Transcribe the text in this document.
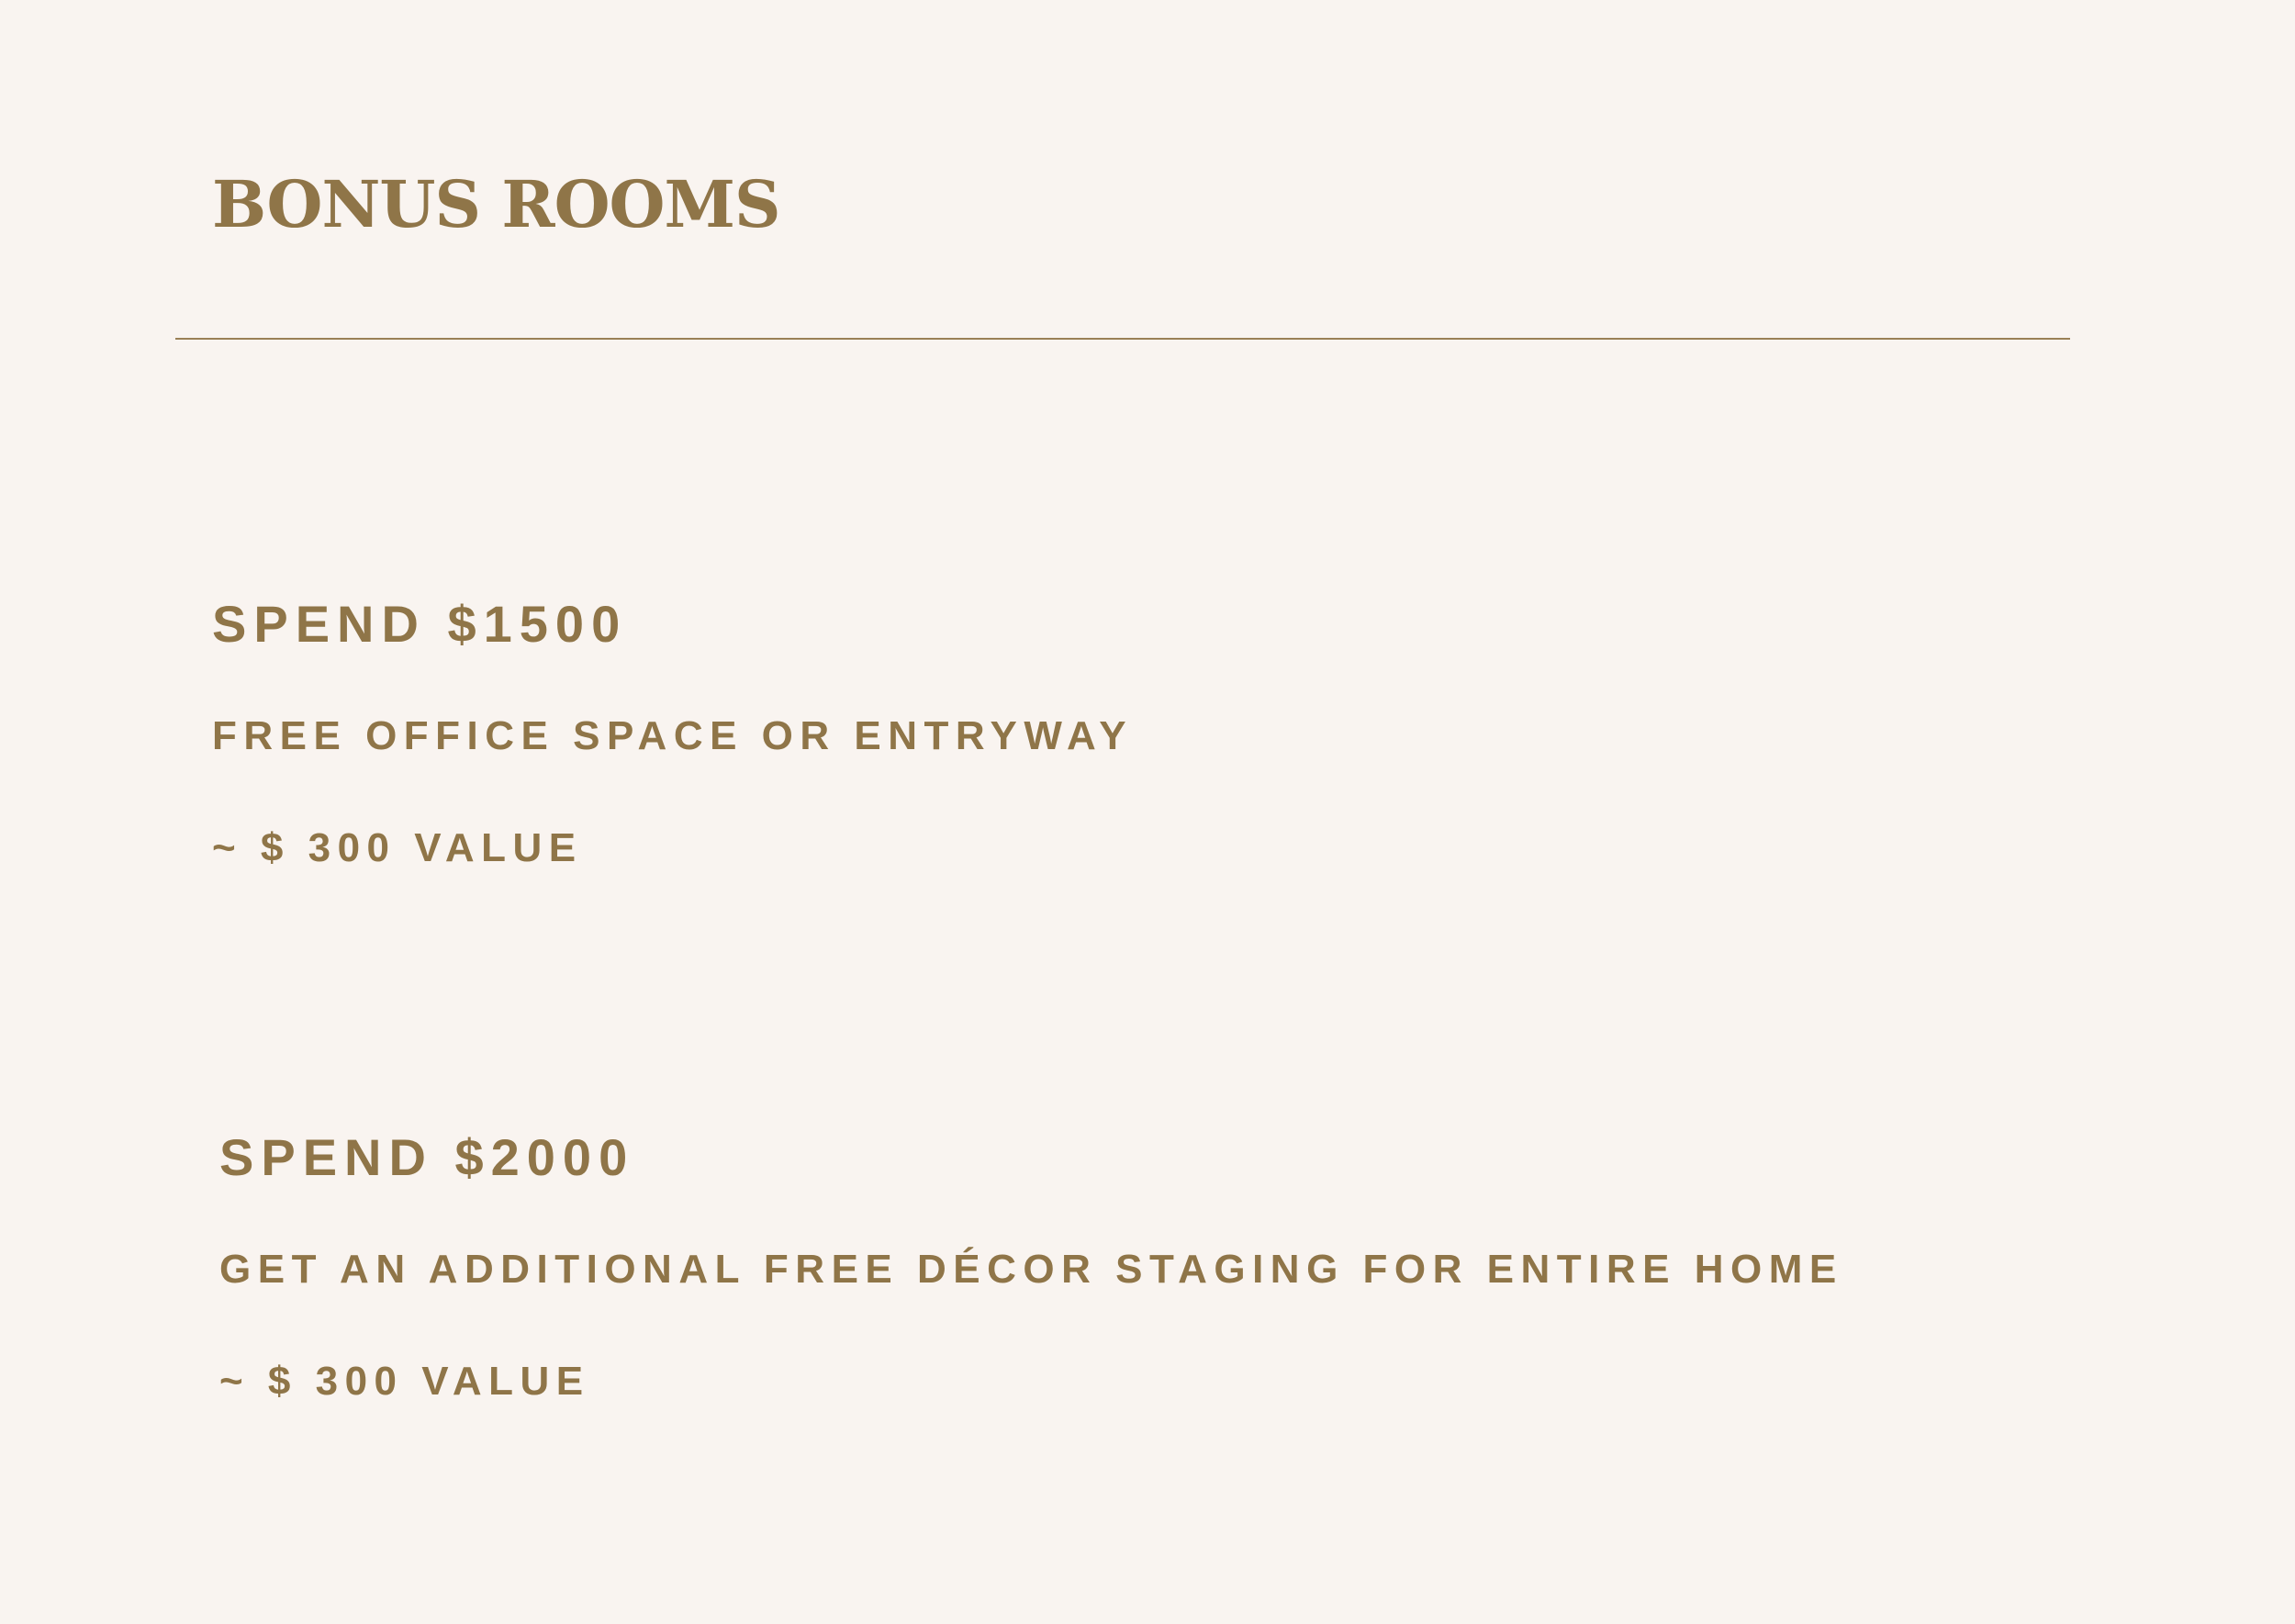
BONUS ROOMS
SPEND $1500
FREE OFFICE SPACE OR ENTRYWAY
~ $ 300 VALUE
SPEND $2000
GET AN ADDITIONAL FREE DÉCOR STAGING FOR ENTIRE HOME
~ $ 300 VALUE
